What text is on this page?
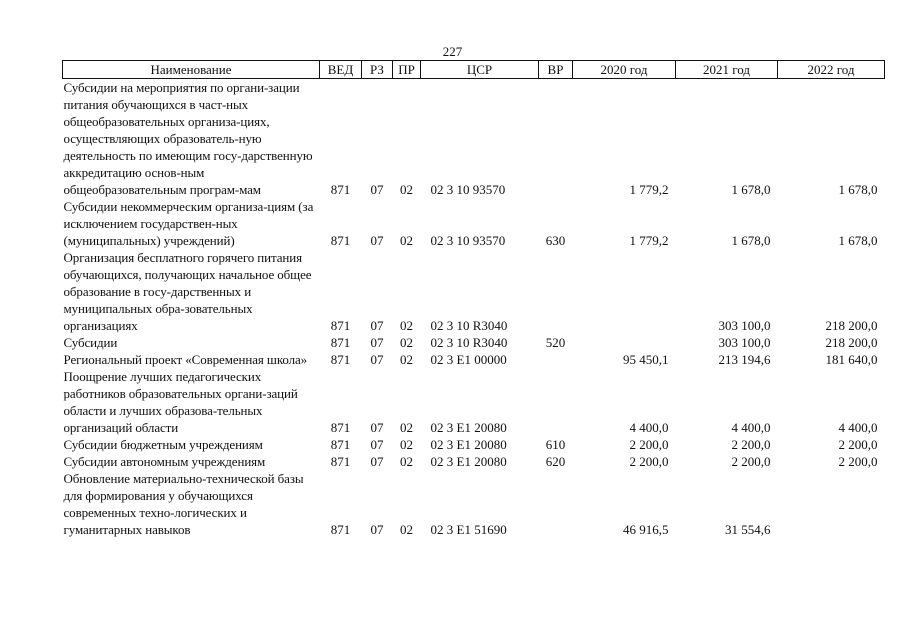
227
Наименование	ВЕД	РЗ	ПР	ЦСР	ВР	2020 год	2021 год	2022 год
Субсидии на мероприятия по органи-зации питания обучающихся в част-ных общеобразовательных организа-циях, осуществляющих образователь-ную деятельность по имеющим госу-дарственную аккредитацию основ-ным общеобразовательным програм-мам	871	07	02	02 3 10 93570		1 779,2	1 678,0	1 678,0
Субсидии некоммерческим организа-циям (за исключением государствен-ных (муниципальных) учреждений)	871	07	02	02 3 10 93570	630	1 779,2	1 678,0	1 678,0
Организация бесплатного горячего питания обучающихся, получающих начальное общее образование в госу-дарственных и муниципальных обра-зовательных организациях	871	07	02	02 3 10 R3040			303 100,0	218 200,0
Субсидии	871	07	02	02 3 10 R3040	520		303 100,0	218 200,0
Региональный проект «Современная школа»	871	07	02	02 3 E1 00000		95 450,1	213 194,6	181 640,0
Поощрение лучших педагогических работников образовательных органи-заций области и лучших образова-тельных организаций области	871	07	02	02 3 E1 20080		4 400,0	4 400,0	4 400,0
Субсидии бюджетным учреждениям	871	07	02	02 3 E1 20080	610	2 200,0	2 200,0	2 200,0
Субсидии автономным учреждениям	871	07	02	02 3 E1 20080	620	2 200,0	2 200,0	2 200,0
Обновление материально-технической базы для формирования у обучающихся современных техно-логических и гуманитарных навыков	871	07	02	02 3 E1 51690		46 916,5	31 554,6	
